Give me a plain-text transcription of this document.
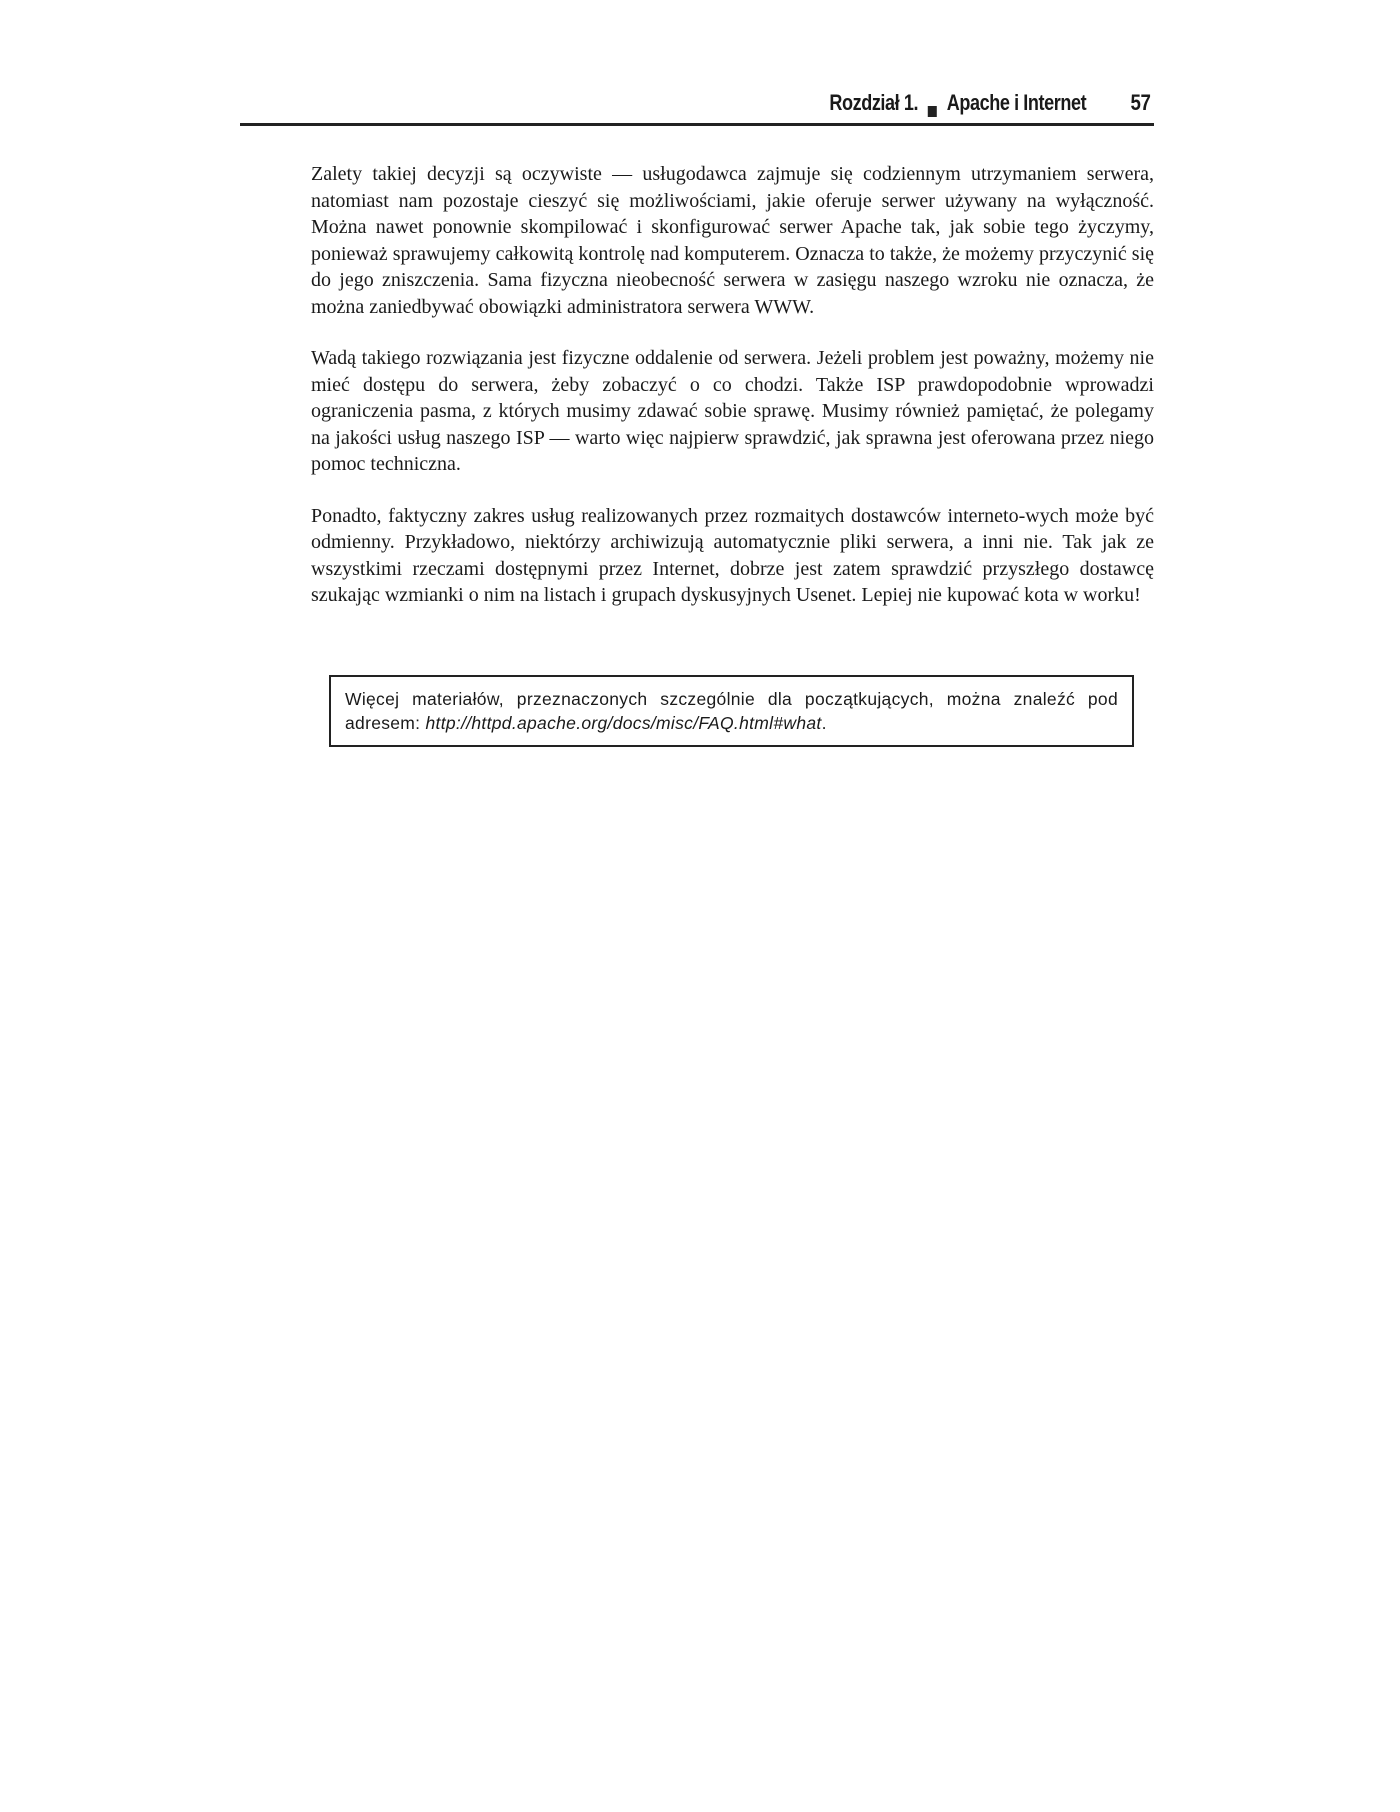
Rozdział 1. Apache i Internet 57

Zalety takiej decyzji są oczywiste — usługodawca zajmuje się codziennym utrzymaniem serwera, natomiast nam pozostaje cieszyć się możliwościami, jakie oferuje serwer używany na wyłączność. Można nawet ponownie skompilować i skonfigurować serwer Apache tak, jak sobie tego życzymy, ponieważ sprawujemy całkowitą kontrolę nad komputerem. Oznacza to także, że możemy przyczynić się do jego zniszczenia. Sama fizyczna nieobecność serwera w zasięgu naszego wzroku nie oznacza, że można zaniedbywać obowiązki administratora serwera WWW.

Wadą takiego rozwiązania jest fizyczne oddalenie od serwera. Jeżeli problem jest poważny, możemy nie mieć dostępu do serwera, żeby zobaczyć o co chodzi. Także ISP prawdopodobnie wprowadzi ograniczenia pasma, z których musimy zdawać sobie sprawę. Musimy również pamiętać, że polegamy na jakości usług naszego ISP — warto więc najpierw sprawdzić, jak sprawna jest oferowana przez niego pomoc techniczna.

Ponadto, faktyczny zakres usług realizowanych przez rozmaitych dostawców interneto-wych może być odmienny. Przykładowo, niektórzy archiwizują automatycznie pliki serwera, a inni nie. Tak jak ze wszystkimi rzeczami dostępnymi przez Internet, dobrze jest zatem sprawdzić przyszłego dostawcę szukając wzmianki o nim na listach i grupach dyskusyjnych Usenet. Lepiej nie kupować kota w worku!

Więcej materiałów, przeznaczonych szczególnie dla początkujących, można znaleźć pod adresem: http://httpd.apache.org/docs/misc/FAQ.html#what.
